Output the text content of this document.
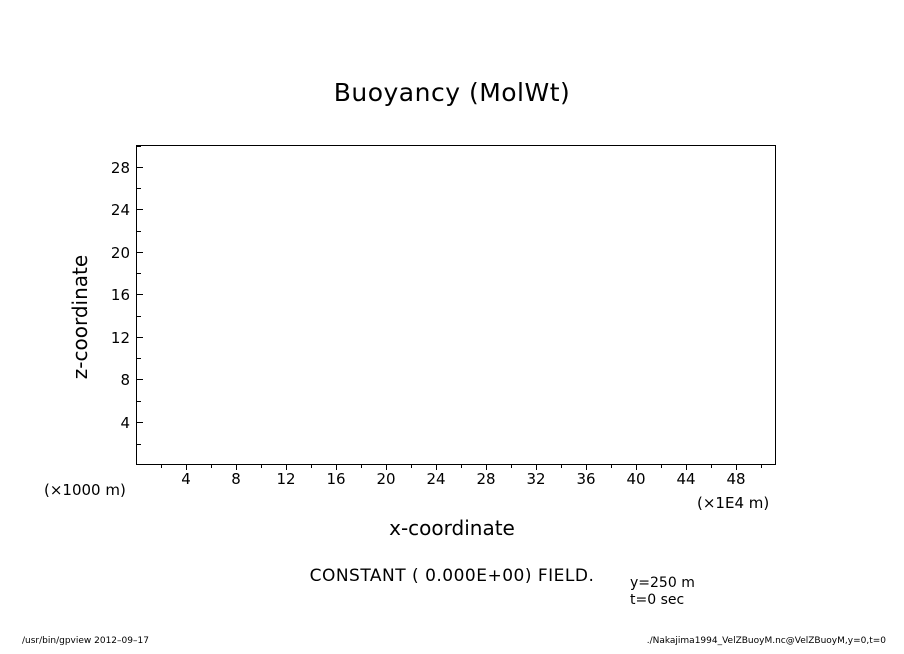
Buoyancy (MolWt)
4	8	12	16	20	24	28	32	36	40	44	48
4
8
12
16
20
24
28
x-coordinate
z-coordinate
(×1000 m)
(×1E4 m)
CONSTANT ( 0.000E+00) FIELD.	y=250 m
t=0 sec
/usr/bin/gpview 2012–09–17	./Nakajima1994_VelZBuoyM.nc@VelZBuoyM,y=0,t=0
